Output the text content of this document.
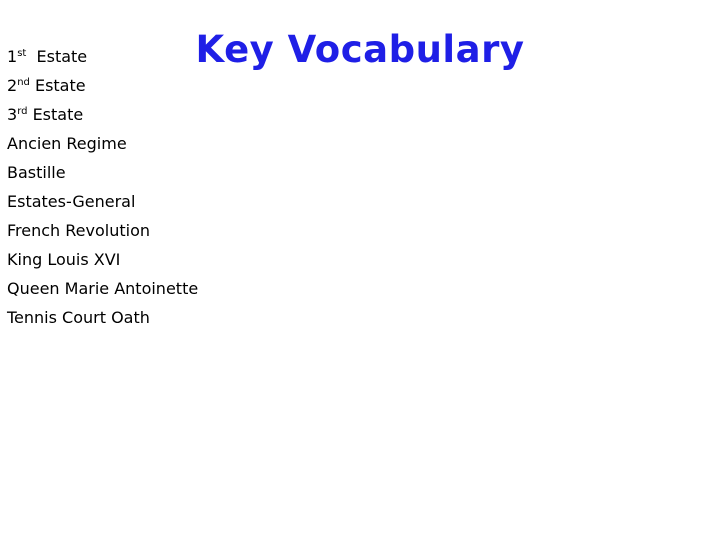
Key Vocabulary
1st  Estate
2nd Estate
3rd Estate
Ancien Regime
Bastille
Estates-General
French Revolution
King Louis XVI
Queen Marie Antoinette
Tennis Court Oath
